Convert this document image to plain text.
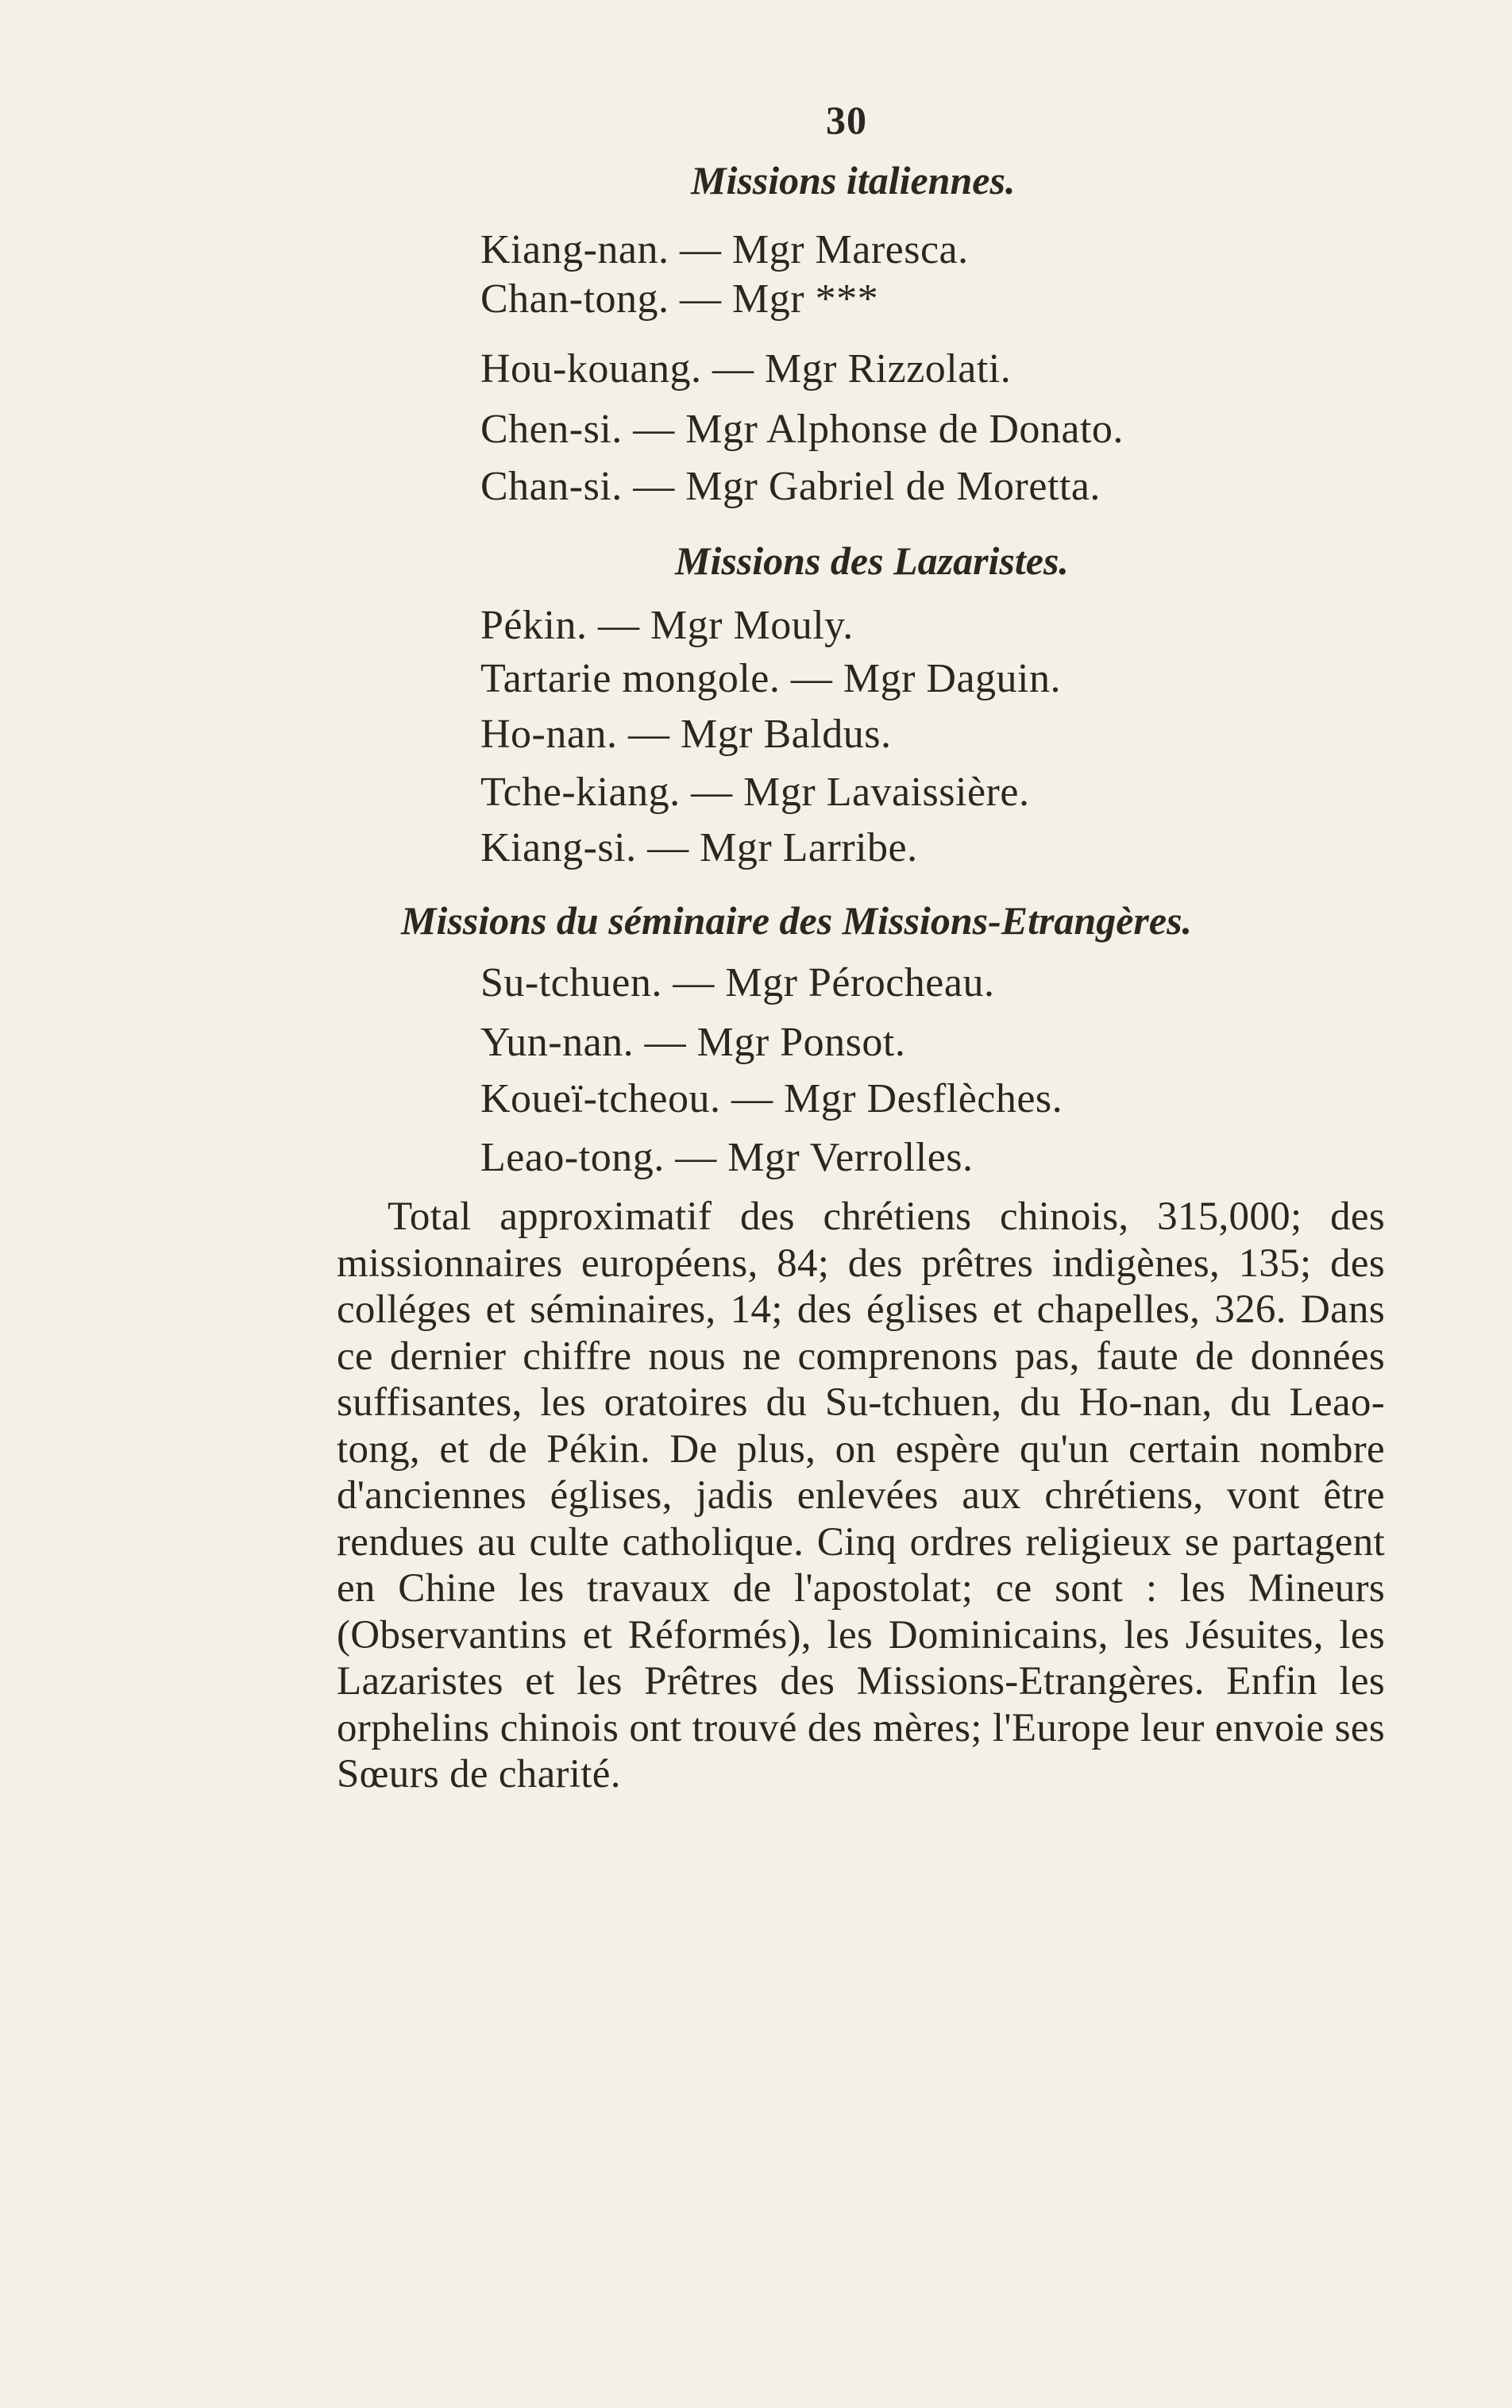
30
Missions italiennes.
Kiang-nan. — Mgr Maresca.
Chan-tong. — Mgr ***
Hou-kouang. — Mgr Rizzolati.
Chen-si. — Mgr Alphonse de Donato.
Chan-si. — Mgr Gabriel de Moretta.
Missions des Lazaristes.
Pékin. — Mgr Mouly.
Tartarie mongole. — Mgr Daguin.
Ho-nan. — Mgr Baldus.
Tche-kiang. — Mgr Lavaissière.
Kiang-si. — Mgr Larribe.
Missions du séminaire des Missions-Etrangères.
Su-tchuen. — Mgr Pérocheau.
Yun-nan. — Mgr Ponsot.
Koueï-tcheou. — Mgr Desflèches.
Leao-tong. — Mgr Verrolles.

Total approximatif des chrétiens chinois, 315,000; des missionnaires européens, 84; des prêtres indigènes, 135; des colléges et séminaires, 14; des églises et chapelles, 326. Dans ce dernier chiffre nous ne comprenons pas, faute de données suffisantes, les oratoires du Su-tchuen, du Ho-nan, du Leao-tong, et de Pékin. De plus, on espère qu'un certain nombre d'anciennes églises, jadis enlevées aux chrétiens, vont être rendues au culte catholique. Cinq ordres religieux se partagent en Chine les travaux de l'apostolat; ce sont : les Mineurs (Observantins et Réformés), les Dominicains, les Jésuites, les Lazaristes et les Prêtres des Missions-Etrangères. Enfin les orphelins chinois ont trouvé des mères; l'Europe leur envoie ses Sœurs de charité.
